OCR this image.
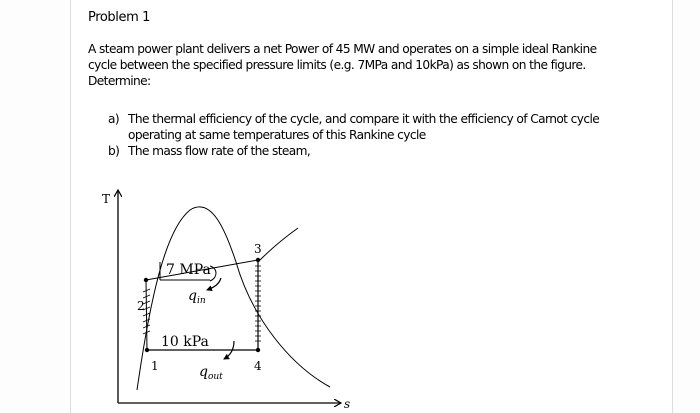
Problem 1
A steam power plant delivers a net Power of 45 MW and operates on a simple ideal Rankine
cycle between the specified pressure limits (e.g. 7MPa and 10kPa) as shown on the figure.
Determine:
a) The thermal efficiency of the cycle, and compare it with the efficiency of Carnot cycle
operating at same temperatures of this Rankine cycle
b) The mass flow rate of the steam,
T
s
1
2
3
4
7 MPa
10 kPa
$q_{in}$
$q_{out}$
